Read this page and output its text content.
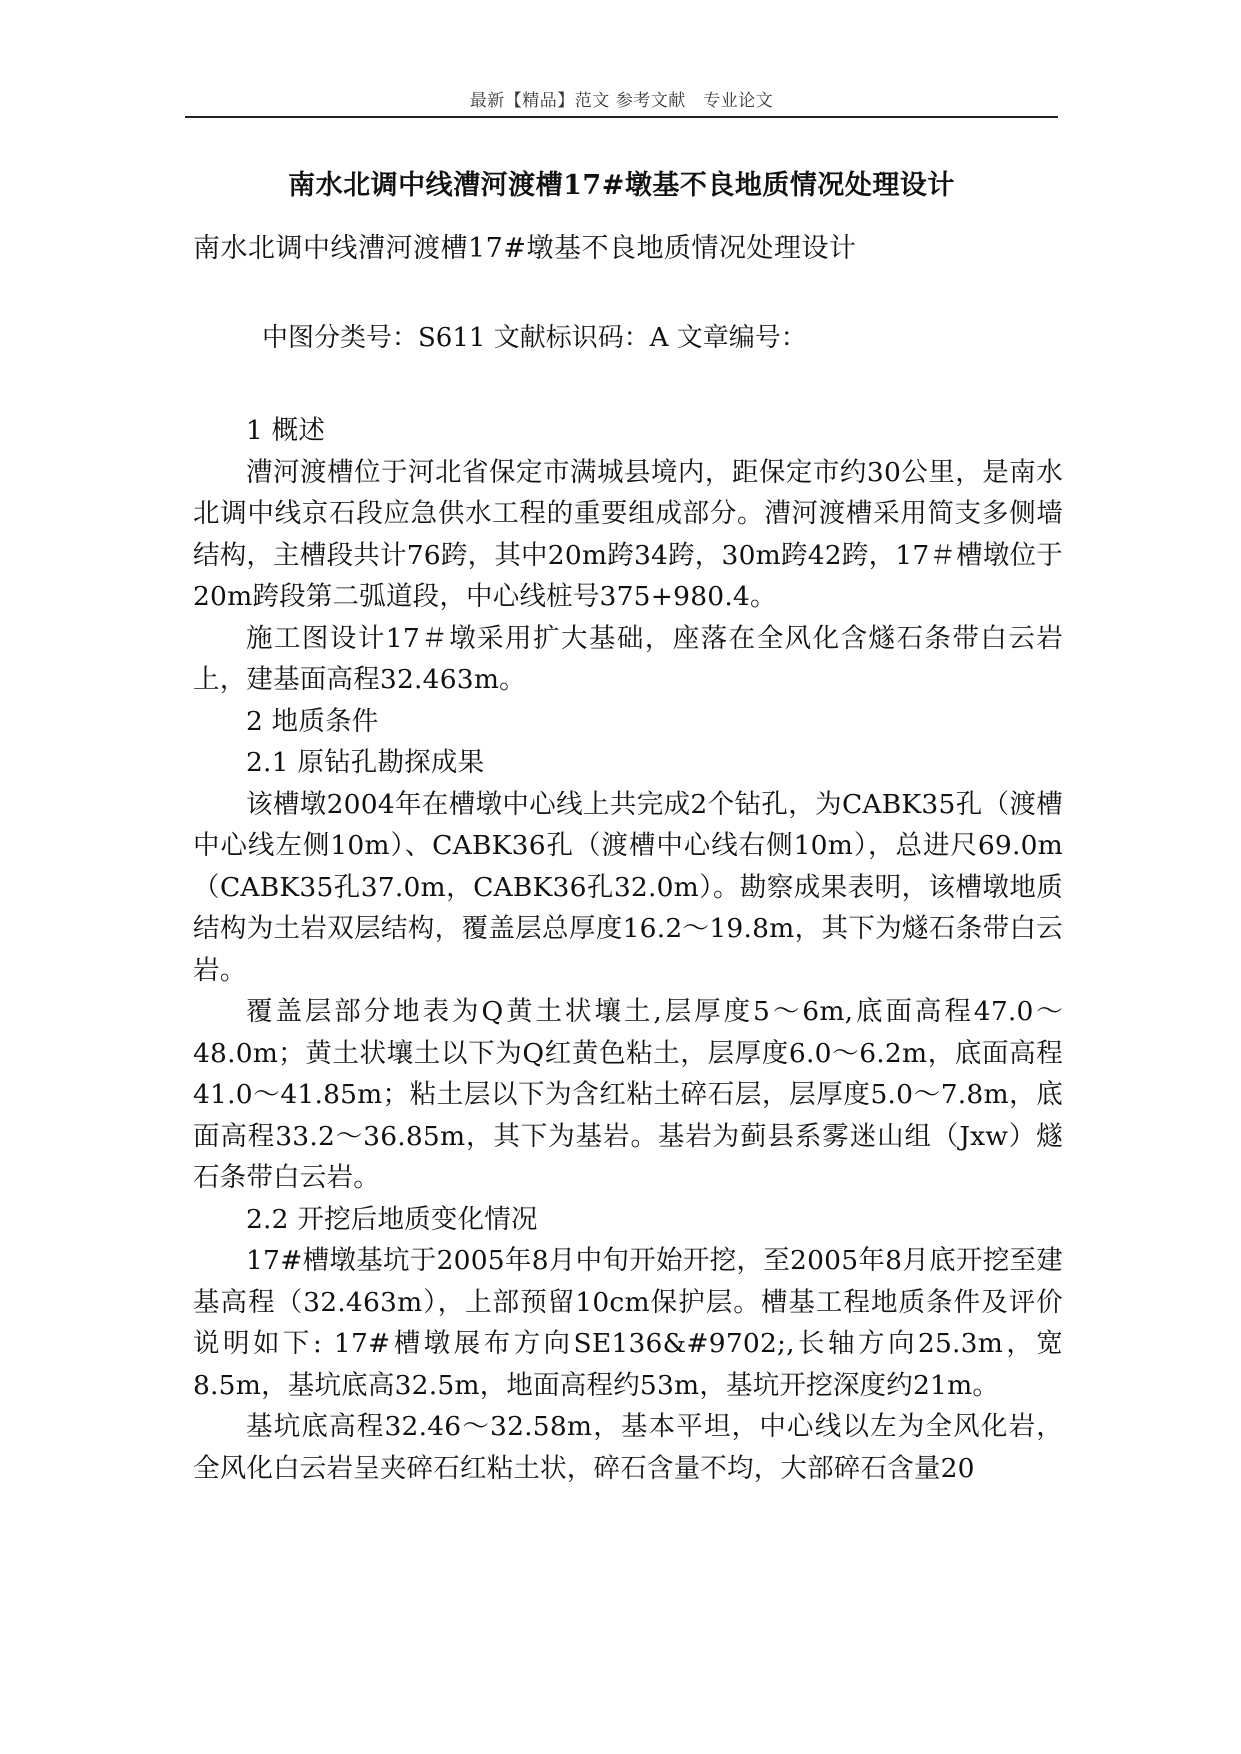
最新【精品】范文 参考文献　专业论文
南水北调中线漕河渡槽17#墩基不良地质情况处理设计
南水北调中线漕河渡槽17#墩基不良地质情况处理设计
中图分类号：S611 文献标识码：A 文章编号：

1 概述

漕河渡槽位于河北省保定市满城县境内，距保定市约30公里，是南水北调中线京石段应急供水工程的重要组成部分。漕河渡槽采用简支多侧墙结构，主槽段共计76跨，其中20m跨34跨，30m跨42跨，17＃槽墩位于20m跨段第二弧道段，中心线桩号375+980.4。

施工图设计17＃墩采用扩大基础，座落在全风化含燧石条带白云岩上，建基面高程32.463m。

2 地质条件

2.1 原钻孔勘探成果

该槽墩2004年在槽墩中心线上共完成2个钻孔，为CABK35孔（渡槽中心线左侧10m）、CABK36孔（渡槽中心线右侧10m），总进尺69.0m（CABK35孔37.0m，CABK36孔32.0m）。勘察成果表明，该槽墩地质结构为土岩双层结构，覆盖层总厚度16.2～19.8m，其下为燧石条带白云岩。

覆盖层部分地表为Q黄土状壤土,层厚度5～6m,底面高程47.0～48.0m；黄土状壤土以下为Q红黄色粘土，层厚度6.0～6.2m，底面高程41.0～41.85m；粘土层以下为含红粘土碎石层，层厚度5.0～7.8m，底面高程33.2～36.85m，其下为基岩。基岩为蓟县系雾迷山组（Jxw）燧石条带白云岩。

2.2 开挖后地质变化情况

17#槽墩基坑于2005年8月中旬开始开挖，至2005年8月底开挖至建基高程（32.463m），上部预留10cm保护层。槽基工程地质条件及评价说明如下: 17#槽墩展布方向SE136&#9702;,长轴方向25.3m，宽8.5m，基坑底高32.5m，地面高程约53m，基坑开挖深度约21m。

基坑底高程32.46～32.58m，基本平坦，中心线以左为全风化岩，全风化白云岩呈夹碎石红粘土状，碎石含量不均，大部碎石含量20
